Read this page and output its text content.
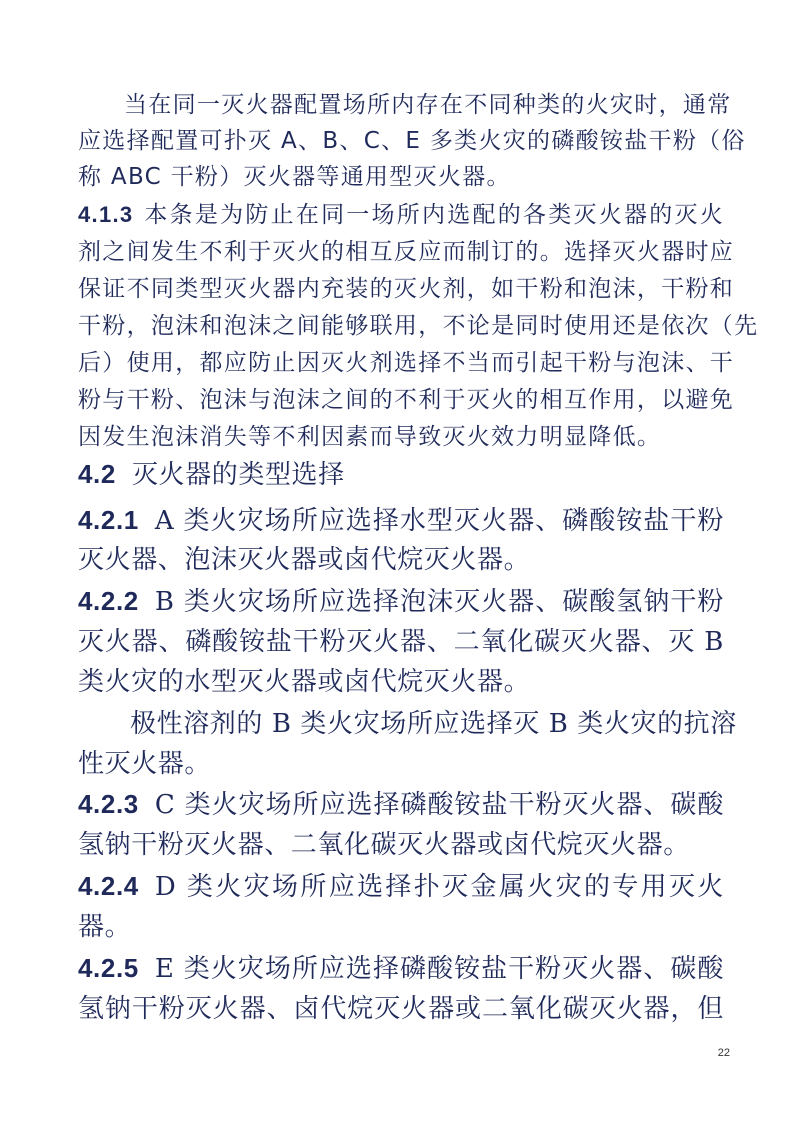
当在同一灭火器配置场所内存在不同种类的火灾时，通常
应选择配置可扑灭 A、B、C、E 多类火灾的磷酸铵盐干粉（俗
称 ABC 干粉）灭火器等通用型灭火器。
4.1.3 本条是为防止在同一场所内选配的各类灭火器的灭火
剂之间发生不利于灭火的相互反应而制订的。选择灭火器时应
保证不同类型灭火器内充装的灭火剂，如干粉和泡沫，干粉和
干粉，泡沫和泡沫之间能够联用，不论是同时使用还是依次（先
后）使用，都应防止因灭火剂选择不当而引起干粉与泡沫、干
粉与干粉、泡沫与泡沫之间的不利于灭火的相互作用，以避免
因发生泡沫消失等不利因素而导致灭火效力明显降低。
4.2 灭火器的类型选择
4.2.1 A 类火灾场所应选择水型灭火器、磷酸铵盐干粉
灭火器、泡沫灭火器或卤代烷灭火器。
4.2.2 B 类火灾场所应选择泡沫灭火器、碳酸氢钠干粉
灭火器、磷酸铵盐干粉灭火器、二氧化碳灭火器、灭 B
类火灾的水型灭火器或卤代烷灭火器。
极性溶剂的 B 类火灾场所应选择灭 B 类火灾的抗溶
性灭火器。
4.2.3 C 类火灾场所应选择磷酸铵盐干粉灭火器、碳酸
氢钠干粉灭火器、二氧化碳灭火器或卤代烷灭火器。
4.2.4 D 类火灾场所应选择扑灭金属火灾的专用灭火
器。
4.2.5 E 类火灾场所应选择磷酸铵盐干粉灭火器、碳酸
氢钠干粉灭火器、卤代烷灭火器或二氧化碳灭火器，但
22
